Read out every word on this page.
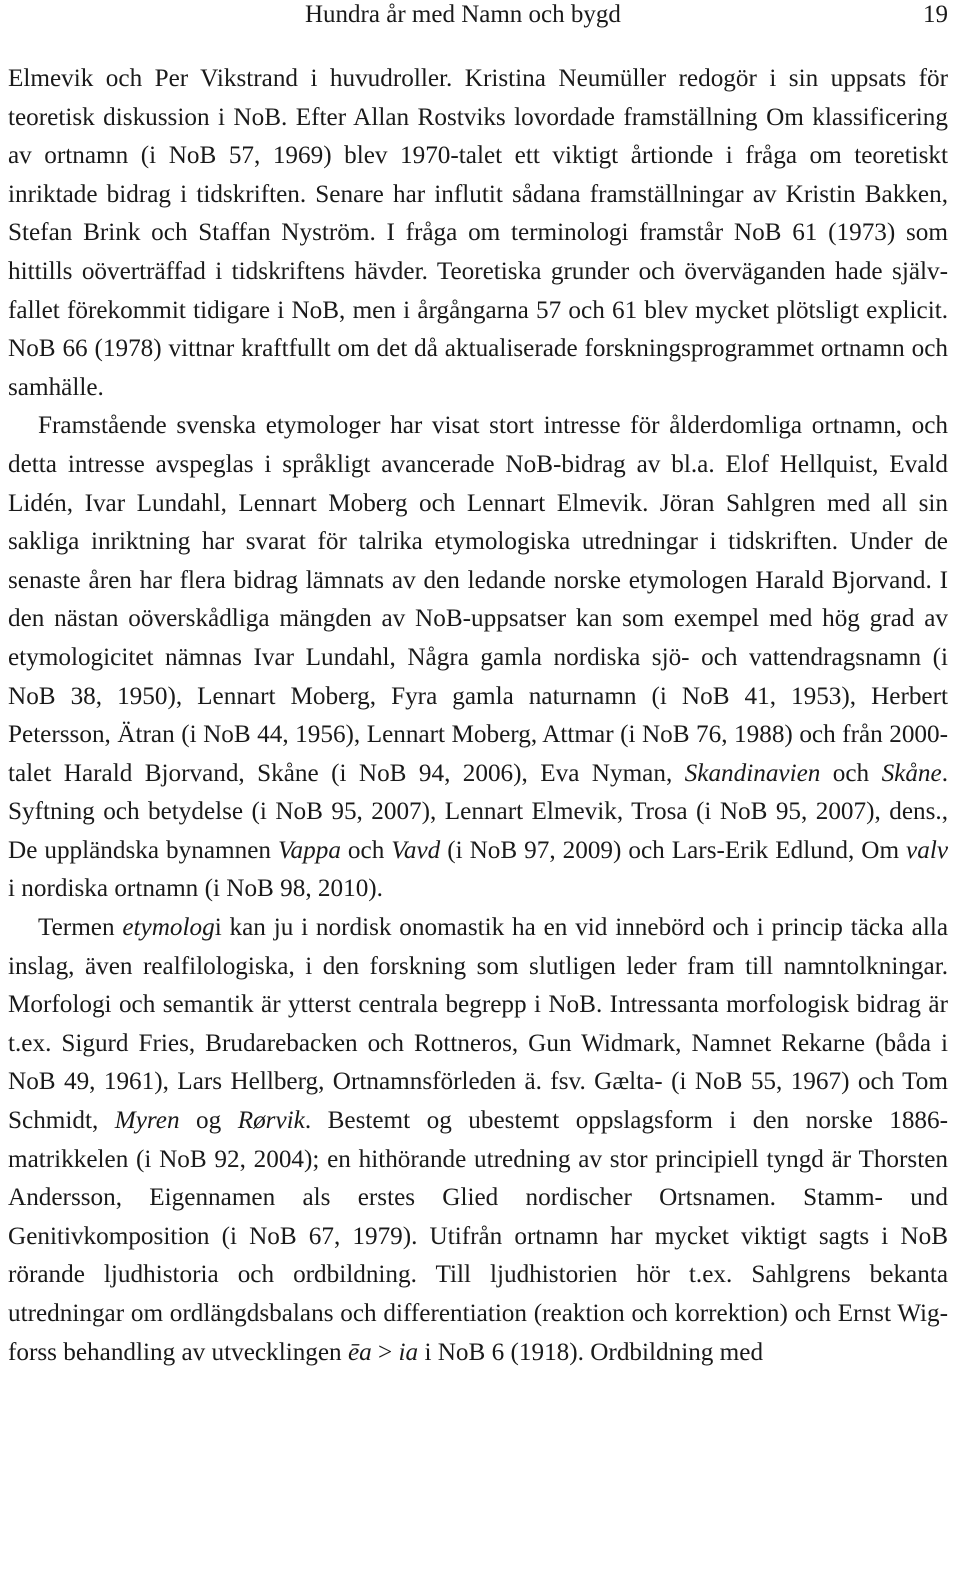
Hundra år med Namn och bygd	19

Elmevik och Per Vikstrand i huvudroller. Kristina Neumüller redogör i sin uppsats för teoretisk diskussion i NoB. Efter Allan Rostviks lovordade framställning Om klassificering av ortnamn (i NoB 57, 1969) blev 1970-talet ett viktigt årtionde i fråga om teoretiskt inriktade bidrag i tidskriften. Senare har influtit sådana framställningar av Kristin Bakken, Stefan Brink och Staffan Nyström. I fråga om terminologi framstår NoB 61 (1973) som hittills oöverträffad i tidskriftens hävder. Teoretiska grunder och överväganden hade självfallet förekommit tidigare i NoB, men i årgångarna 57 och 61 blev mycket plötsligt explicit. NoB 66 (1978) vittnar kraftfullt om det då aktualiserade forskningsprogrammet ortnamn och samhälle.

Framstående svenska etymologer har visat stort intresse för ålderdomliga ortnamn, och detta intresse avspeglas i språkligt avancerade NoB-bidrag av bl.a. Elof Hellquist, Evald Lidén, Ivar Lundahl, Lennart Moberg och Lennart Elmevik. Jöran Sahlgren med all sin sakliga inriktning har svarat för talrika etymologiska utredningar i tidskriften. Under de senaste åren har flera bidrag lämnats av den ledande norske etymologen Harald Bjorvand. I den nästan oöverskådliga mängden av NoB-uppsatser kan som exempel med hög grad av etymologicitet nämnas Ivar Lundahl, Några gamla nordiska sjö- och vattendragsnamn (i NoB 38, 1950), Lennart Moberg, Fyra gamla naturnamn (i NoB 41, 1953), Herbert Petersson, Ätran (i NoB 44, 1956), Lennart Moberg, Attmar (i NoB 76, 1988) och från 2000-talet Harald Bjorvand, Skåne (i NoB 94, 2006), Eva Nyman, Skandinavien och Skåne. Syftning och betydelse (i NoB 95, 2007), Lennart Elmevik, Trosa (i NoB 95, 2007), dens., De uppländska bynamnen Vappa och Vavd (i NoB 97, 2009) och Lars-Erik Edlund, Om valv i nordiska ortnamn (i NoB 98, 2010).

Termen etymologi kan ju i nordisk onomastik ha en vid innebörd och i princip täcka alla inslag, även realfilologiska, i den forskning som slutligen leder fram till namntolkningar. Morfologi och semantik är ytterst centrala begrepp i NoB. Intressanta morfologisk bidrag är t.ex. Sigurd Fries, Brudarebacken och Rottneros, Gun Widmark, Namnet Rekarne (båda i NoB 49, 1961), Lars Hellberg, Ortnamnsförleden ä. fsv. Gælta- (i NoB 55, 1967) och Tom Schmidt, Myren og Rørvik. Bestemt og ubestemt oppslagsform i den norske 1886-matrikkelen (i NoB 92, 2004); en hithörande utredning av stor principiell tyngd är Thorsten Andersson, Eigennamen als erstes Glied nordischer Ortsnamen. Stamm- und Genitivkomposition (i NoB 67, 1979). Utifrån ortnamn har mycket viktigt sagts i NoB rörande ljudhistoria och ordbildning. Till ljudhistorien hör t.ex. Sahlgrens bekanta utredningar om ordlängdsbalans och differentiation (reaktion och korrektion) och Ernst Wigforss behandling av utvecklingen ēa > ia i NoB 6 (1918). Ordbildning med
